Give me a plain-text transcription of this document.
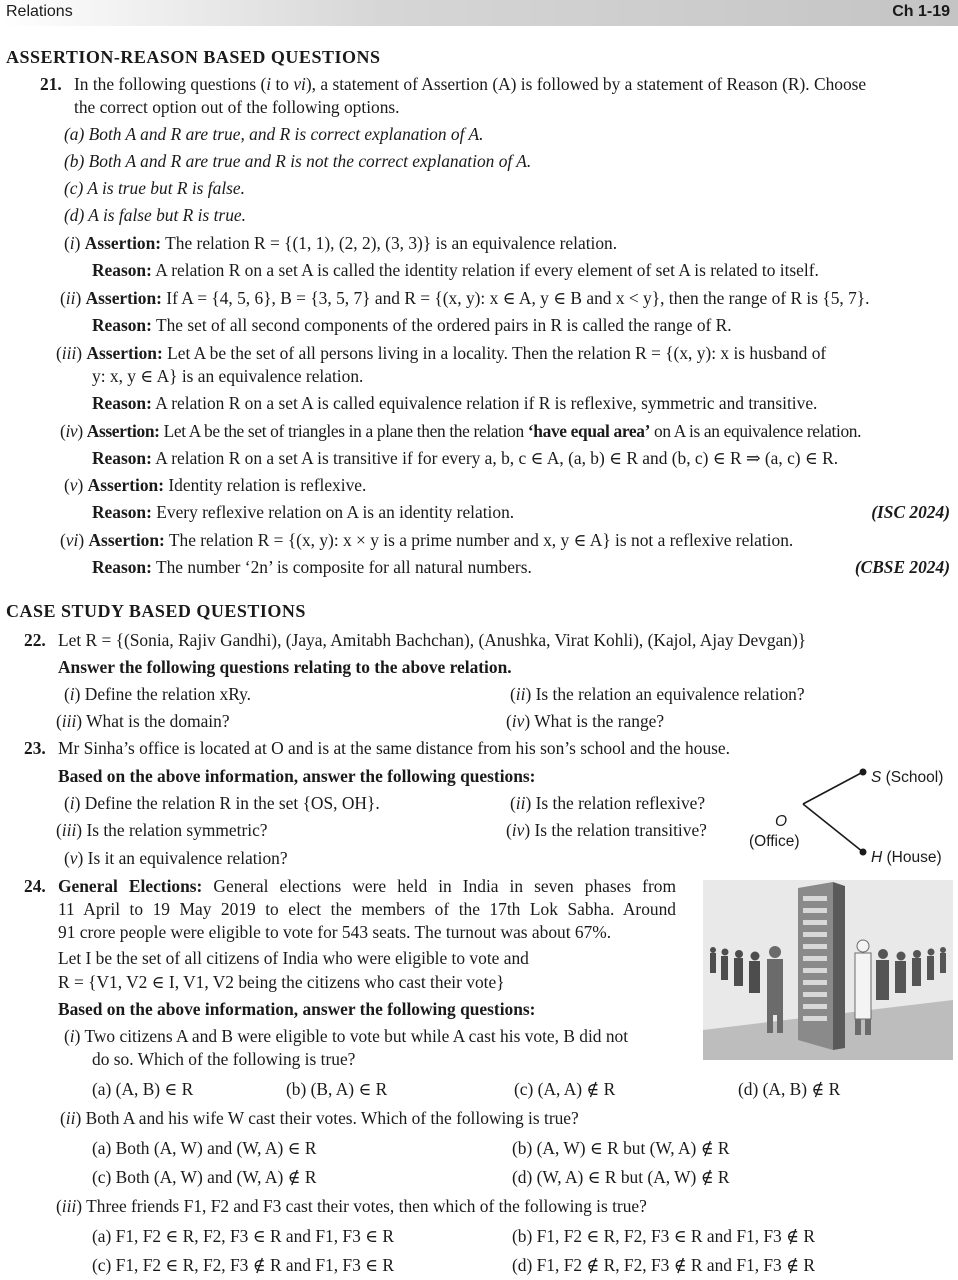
Relations	Ch 1-19
ASSERTION-REASON BASED QUESTIONS
21. In the following questions (i to vi), a statement of Assertion (A) is followed by a statement of Reason (R). Choose
the correct option out of the following options.
(a) Both A and R are true, and R is correct explanation of A.
(b) Both A and R are true and R is not the correct explanation of A.
(c) A is true but R is false.
(d) A is false but R is true.
(i) Assertion: The relation R = {(1, 1), (2, 2), (3, 3)} is an equivalence relation.
Reason: A relation R on a set A is called the identity relation if every element of set A is related to itself.
(ii) Assertion: If A = {4, 5, 6}, B = {3, 5, 7} and R = {(x, y): x ∈ A, y ∈ B and x < y}, then the range of R is {5, 7}.
Reason: The set of all second components of the ordered pairs in R is called the range of R.
(iii) Assertion: Let A be the set of all persons living in a locality. Then the relation R = {(x, y): x is husband of
y: x, y ∈ A} is an equivalence relation.
Reason: A relation R on a set A is called equivalence relation if R is reflexive, symmetric and transitive.
(iv) Assertion: Let A be the set of triangles in a plane then the relation ‘have equal area’ on A is an equivalence relation.
Reason: A relation R on a set A is transitive if for every a, b, c ∈ A, (a, b) ∈ R and (b, c) ∈ R ⇒ (a, c) ∈ R.
(v) Assertion: Identity relation is reflexive.
Reason: Every reflexive relation on A is an identity relation.	(ISC 2024)
(vi) Assertion: The relation R = {(x, y): x × y is a prime number and x, y ∈ A} is not a reflexive relation.
Reason: The number ‘2n’ is composite for all natural numbers.	(CBSE 2024)
CASE STUDY BASED QUESTIONS
22. Let R = {(Sonia, Rajiv Gandhi), (Jaya, Amitabh Bachchan), (Anushka, Virat Kohli), (Kajol, Ajay Devgan)}
Answer the following questions relating to the above relation.
(i) Define the relation xRy.	(ii) Is the relation an equivalence relation?
(iii) What is the domain?	(iv) What is the range?
23. Mr Sinha’s office is located at O and is at the same distance from his son’s school and the house.
Based on the above information, answer the following questions:
(i) Define the relation R in the set {OS, OH}.	(ii) Is the relation reflexive?
(iii) Is the relation symmetric?	(iv) Is the relation transitive?
(v) Is it an equivalence relation?
S (School)
H (House)
O
(Office)
24. General Elections: General elections were held in India in seven phases from
11 April to 19 May 2019 to elect the members of the 17th Lok Sabha. Around
91 crore people were eligible to vote for 543 seats. The turnout was about 67%.
Let I be the set of all citizens of India who were eligible to vote and
R = {V1, V2 ∈ I, V1, V2 being the citizens who cast their vote}
Based on the above information, answer the following questions:
(i) Two citizens A and B were eligible to vote but while A cast his vote, B did not
do so. Which of the following is true?
(a) (A, B) ∈ R	(b) (B, A) ∈ R	(c) (A, A) ∉ R	(d) (A, B) ∉ R
(ii) Both A and his wife W cast their votes. Which of the following is true?
(a) Both (A, W) and (W, A) ∈ R	(b) (A, W) ∈ R but (W, A) ∉ R
(c) Both (A, W) and (W, A) ∉ R	(d) (W, A) ∈ R but (A, W) ∉ R
(iii) Three friends F1, F2 and F3 cast their votes, then which of the following is true?
(a) F1, F2 ∈ R, F2, F3 ∈ R and F1, F3 ∈ R	(b) F1, F2 ∈ R, F2, F3 ∈ R and F1, F3 ∉ R
(c) F1, F2 ∈ R, F2, F3 ∉ R and F1, F3 ∈ R	(d) F1, F2 ∉ R, F2, F3 ∉ R and F1, F3 ∉ R
